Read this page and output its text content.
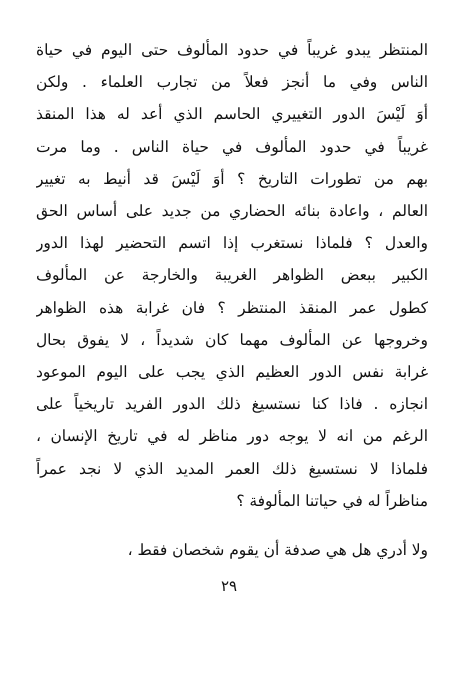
المنتظر يبدو غريباً في حدود المألوف حتى اليوم في حياة
الناس وفي ما أنجز فعلاً من تجارب العلماء . ولكن
أوَ لَيْسَ الدور التغييري الحاسم الذي أعد له هذا المنقذ
غريباً في حدود المألوف في حياة الناس . وما مرت
بهم من تطورات التاريخ ؟ أوَ لَيْسَ قد أنيط به تغيير
العالم ، واعادة بنائه الحضاري من جديد على أساس الحق
والعدل ؟ فلماذا نستغرب إذا اتسم التحضير لهذا الدور
الكبير ببعض الظواهر الغريبة والخارجة عن المألوف
كطول عمر المنقذ المنتظر ؟ فان غرابة هذه الظواهر
وخروجها عن المألوف مهما كان شديداً ، لا يفوق بحال
غرابة نفس الدور العظيم الذي يجب على اليوم الموعود
انجازه . فاذا كنا نستسيغ ذلك الدور الفريد تاريخياً على
الرغم من انه لا يوجه دور مناظر له في تاريخ الإنسان ،
فلماذا لا نستسيغ ذلك العمر المديد الذي لا نجد عمراً
مناظراً له في حياتنا المألوفة ؟
ولا أدري هل هي صدفة أن يقوم شخصان فقط ،
٢٩
